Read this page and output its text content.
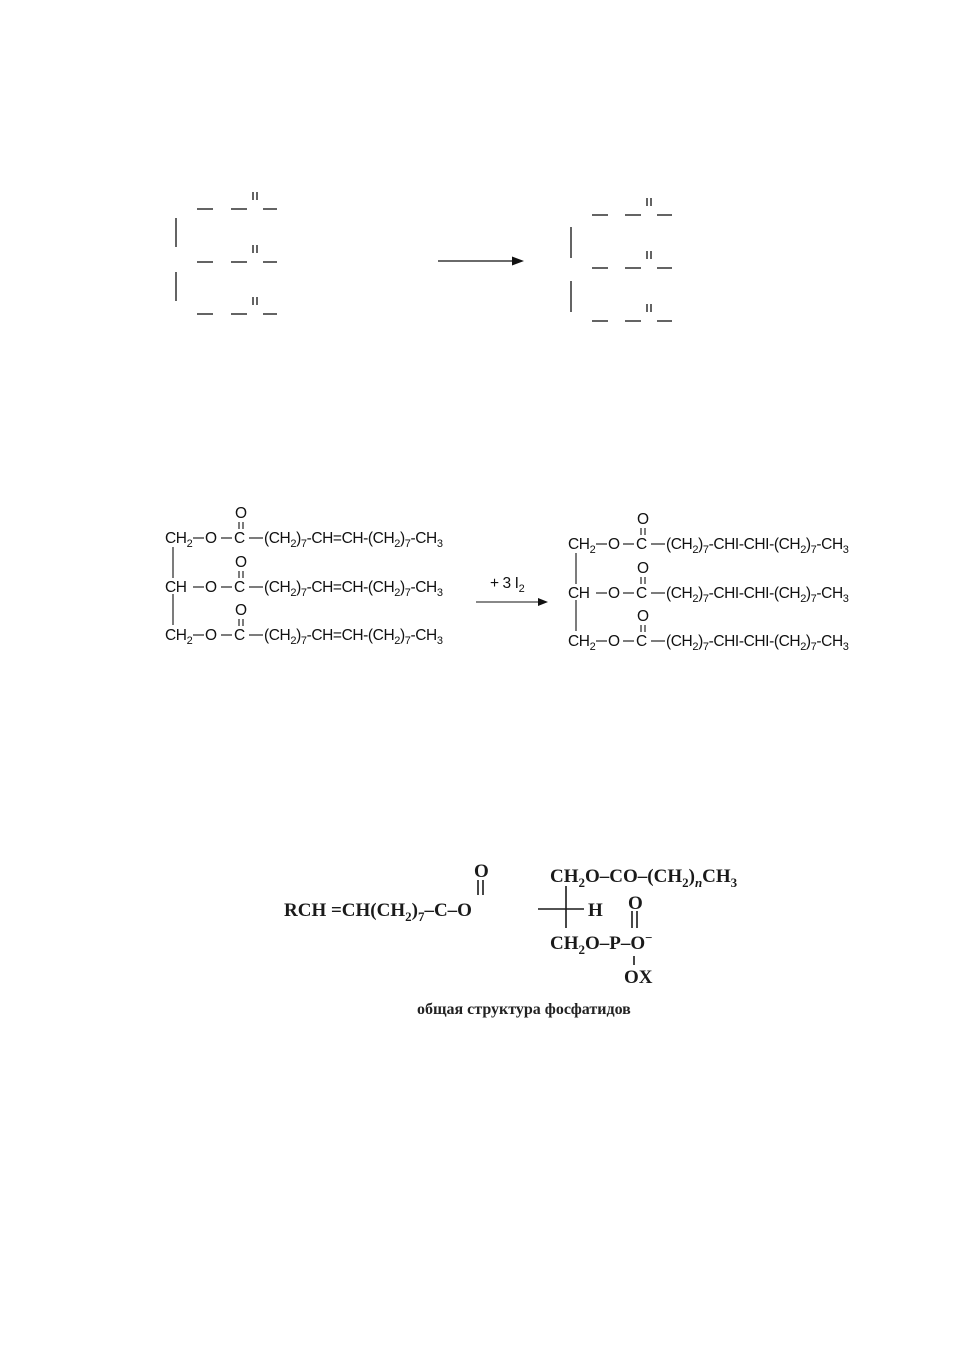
O
O
O
$CH_2$ O C $(CH_2)_7-CH=CH-(CH_2)_7-CH_3$
CH O C $(CH_2)_7-CH=CH-(CH_2)_7-CH_3$
$CH_2$ O C $(CH_2)_7-CH=CH-(CH_2)_7-CH_3$
+ 3 $I_2$
O
O
O
$CH_2$ O C $(CH_2)_7-CHI-CHI-(CH_2)_7-CH_3$
CH O C $(CH_2)_7-CHI-CHI-(CH_2)_7-CH_3$
$CH_2$ O C $(CH_2)_7-CHI-CHI-(CH_2)_7-CH_3$
O
RCH $=CH(CH_2)_7-C-O$	H
$CH_2O-CO-(CH_2)_nCH_3$
O
$CH_2O-P-O^-$
OX
общая структура фосфатидов
